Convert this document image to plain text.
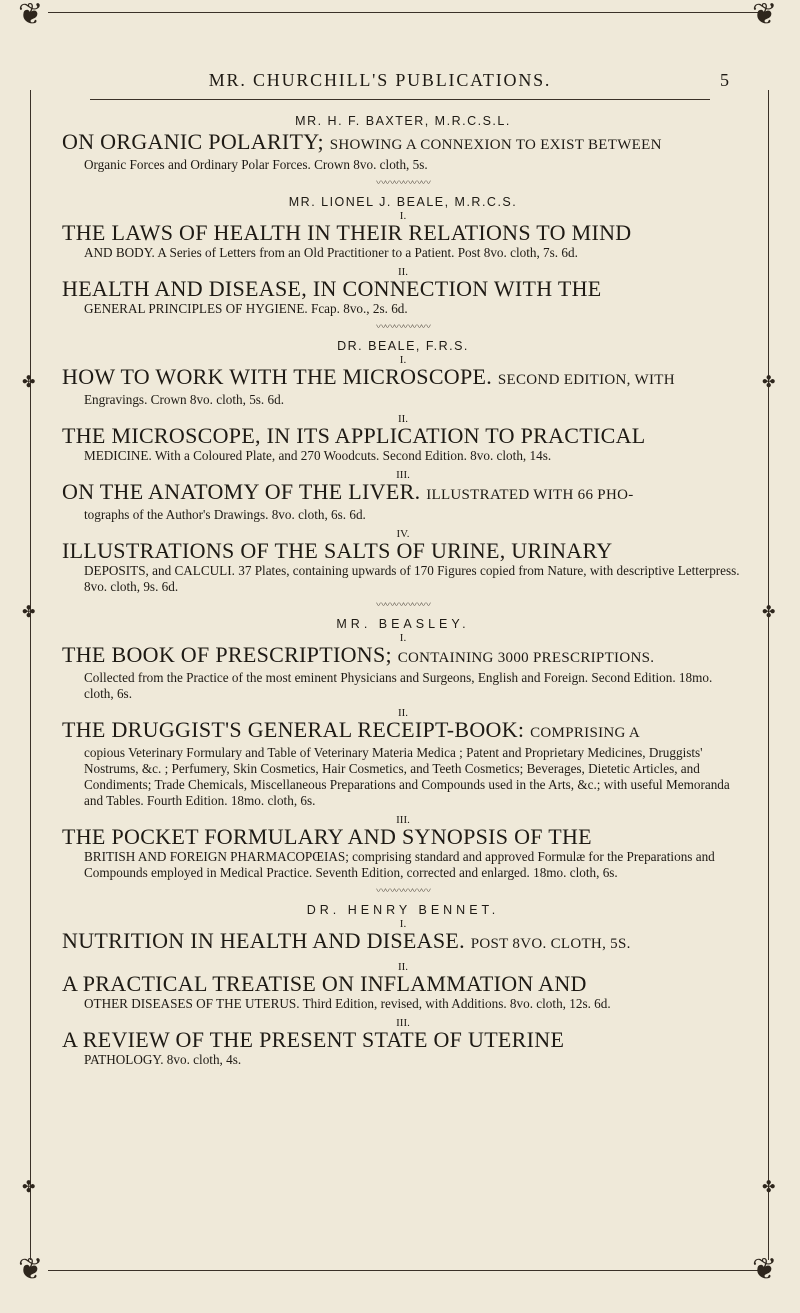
❦	❦
❦	❦
✤	✤
✤	✤
✤	✤
MR. CHURCHILL'S PUBLICATIONS.	5
MR. H. F. BAXTER, M.R.C.S.L.
ON ORGANIC POLARITY; SHOWING A CONNEXION TO EXIST BETWEEN
Organic Forces and Ordinary Polar Forces. Crown 8vo. cloth, 5s.
〰〰〰〰〰〰
MR. LIONEL J. BEALE, M.R.C.S.
I.
THE LAWS OF HEALTH IN THEIR RELATIONS TO MIND
AND BODY. A Series of Letters from an Old Practitioner to a Patient. Post 8vo. cloth, 7s. 6d.
II.
HEALTH AND DISEASE, IN CONNECTION WITH THE
GENERAL PRINCIPLES OF HYGIENE. Fcap. 8vo., 2s. 6d.
〰〰〰〰〰〰
DR. BEALE, F.R.S.
I.
HOW TO WORK WITH THE MICROSCOPE. SECOND EDITION, WITH
Engravings. Crown 8vo. cloth, 5s. 6d.
II.
THE MICROSCOPE, IN ITS APPLICATION TO PRACTICAL
MEDICINE. With a Coloured Plate, and 270 Woodcuts. Second Edition. 8vo. cloth, 14s.
III.
ON THE ANATOMY OF THE LIVER. ILLUSTRATED WITH 66 PHO-
tographs of the Author's Drawings. 8vo. cloth, 6s. 6d.
IV.
ILLUSTRATIONS OF THE SALTS OF URINE, URINARY
DEPOSITS, and CALCULI. 37 Plates, containing upwards of 170 Figures copied from Nature, with descriptive Letterpress. 8vo. cloth, 9s. 6d.
〰〰〰〰〰〰
MR. BEASLEY.
I.
THE BOOK OF PRESCRIPTIONS; CONTAINING 3000 PRESCRIPTIONS.
Collected from the Practice of the most eminent Physicians and Surgeons, English and Foreign. Second Edition. 18mo. cloth, 6s.
II.
THE DRUGGIST'S GENERAL RECEIPT-BOOK: COMPRISING A
copious Veterinary Formulary and Table of Veterinary Materia Medica ; Patent and Proprietary Medicines, Druggists' Nostrums, &c. ; Perfumery, Skin Cosmetics, Hair Cosmetics, and Teeth Cosmetics; Beverages, Dietetic Articles, and Condiments; Trade Chemicals, Miscellaneous Preparations and Compounds used in the Arts, &c.; with useful Memoranda and Tables. Fourth Edition. 18mo. cloth, 6s.
III.
THE POCKET FORMULARY AND SYNOPSIS OF THE
BRITISH AND FOREIGN PHARMACOPŒIAS; comprising standard and approved Formulæ for the Preparations and Compounds employed in Medical Practice. Seventh Edition, corrected and enlarged. 18mo. cloth, 6s.
〰〰〰〰〰〰
DR. HENRY BENNET.
I.
NUTRITION IN HEALTH AND DISEASE. POST 8VO. CLOTH, 5S.
II.
A PRACTICAL TREATISE ON INFLAMMATION AND
OTHER DISEASES OF THE UTERUS. Third Edition, revised, with Additions. 8vo. cloth, 12s. 6d.
III.
A REVIEW OF THE PRESENT STATE OF UTERINE
PATHOLOGY. 8vo. cloth, 4s.
